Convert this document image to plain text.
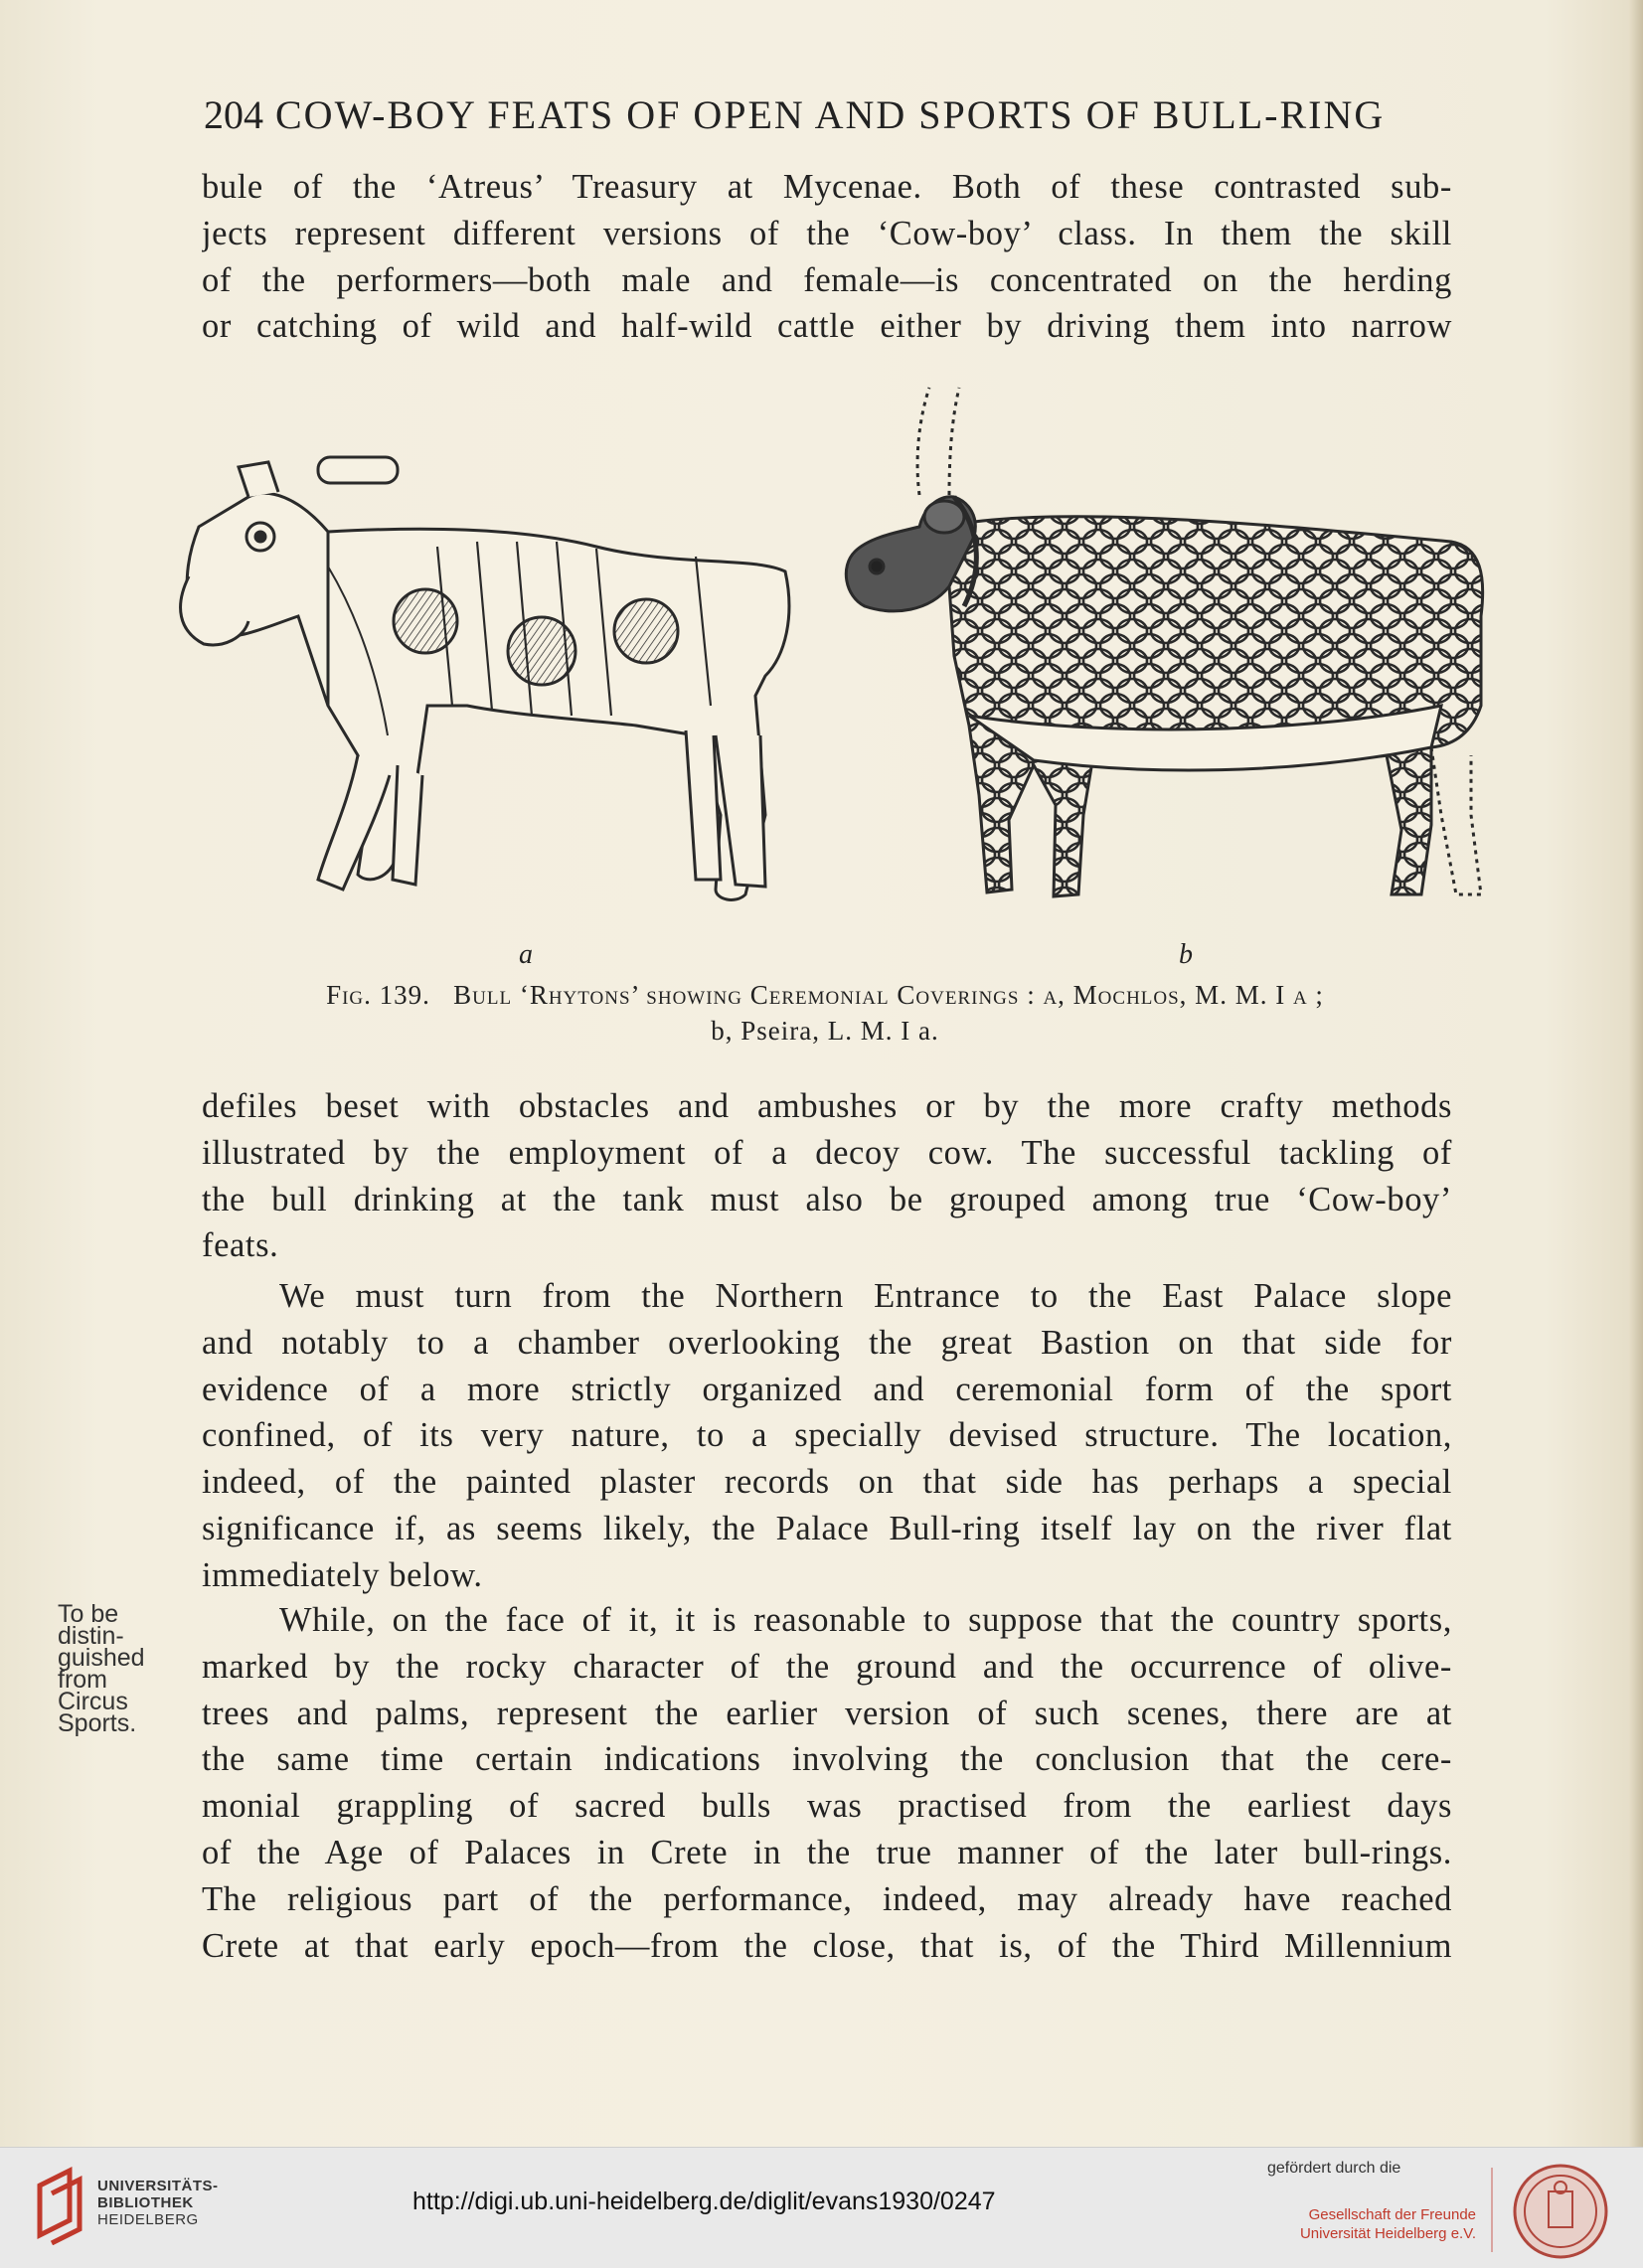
204 COW-BOY FEATS OF OPEN AND SPORTS OF BULL-RING
bule of the ‘Atreus’ Treasury at Mycenae. Both of these contrasted sub-
jects represent different versions of the ‘Cow-boy’ class. In them the skill
of the performers—both male and female—is concentrated on the herding
or catching of wild and half-wild cattle either by driving them into narrow
a	b
Fig. 139. Bull ‘Rhytons’ showing Ceremonial Coverings : a, Mochlos, M. M. I a ;
b, Pseira, L. M. I a.
defiles beset with obstacles and ambushes or by the more crafty methods
illustrated by the employment of a decoy cow. The successful tackling of
the bull drinking at the tank must also be grouped among true ‘Cow-boy’
feats.
We must turn from the Northern Entrance to the East Palace slope
and notably to a chamber overlooking the great Bastion on that side for
evidence of a more strictly organized and ceremonial form of the sport
confined, of its very nature, to a specially devised structure. The location,
indeed, of the painted plaster records on that side has perhaps a special
significance if, as seems likely, the Palace Bull-ring itself lay on the river flat
immediately below.
To be
distin-
guished
from
Circus
Sports.
While, on the face of it, it is reasonable to suppose that the country sports,
marked by the rocky character of the ground and the occurrence of olive-
trees and palms, represent the earlier version of such scenes, there are at
the same time certain indications involving the conclusion that the cere-
monial grappling of sacred bulls was practised from the earliest days
of the Age of Palaces in Crete in the true manner of the later bull-rings.
The religious part of the performance, indeed, may already have reached
Crete at that early epoch—from the close, that is, of the Third Millennium
UNIVERSITÄTS-
BIBLIOTHEK
HEIDELBERG
http://digi.ub.uni-heidelberg.de/diglit/evans1930/0247
gefördert durch die
Gesellschaft der Freunde
Universität Heidelberg e.V.
